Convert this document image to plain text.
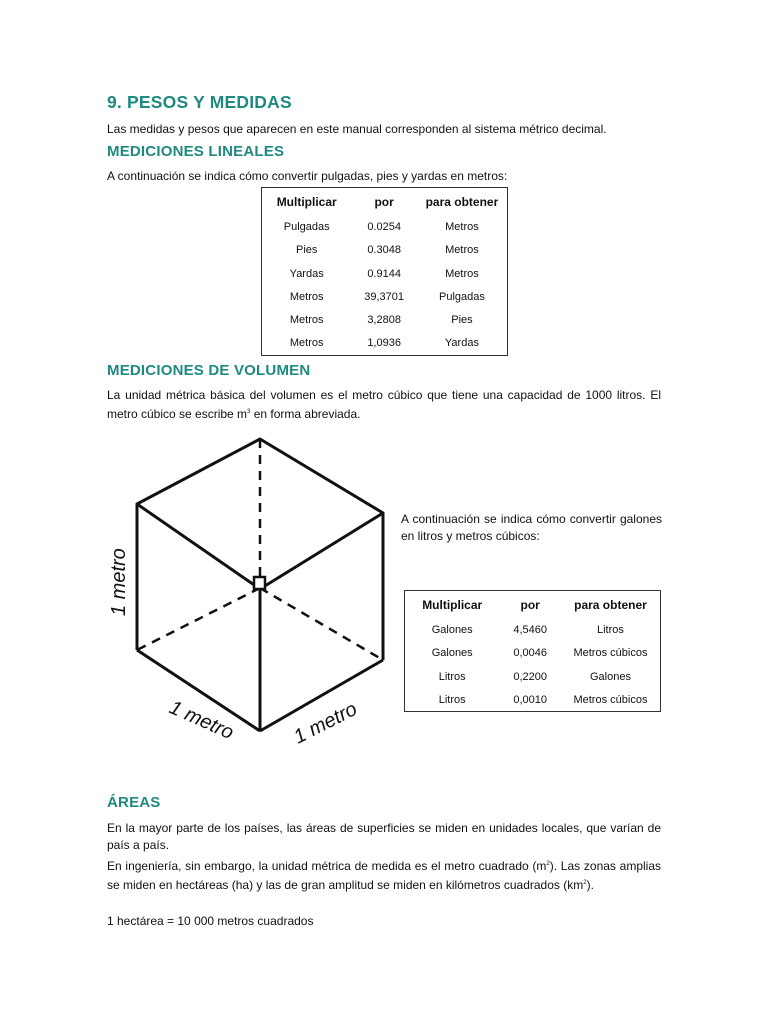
9. PESOS Y MEDIDAS

Las medidas y pesos que aparecen en este manual corresponden al sistema métrico decimal.

MEDICIONES LINEALES

A continuación se indica cómo convertir pulgadas, pies y yardas en metros:

Multiplicar	por	para obtener
Pulgadas	0.0254	Metros
Pies	0.3048	Metros
Yardas	0.9144	Metros
Metros	39,3701	Pulgadas
Metros	3,2808	Pies
Metros	1,0936	Yardas
MEDICIONES DE VOLUMEN

La unidad métrica básica del volumen es el metro cúbico que tiene una capacidad de 1000 litros. El metro cúbico se escribe $m^3$ en forma abreviada.

1 metro
1 metro	1 metro

A continuación se indica cómo convertir galones en litros y metros cúbicos:

Multiplicar	por	para obtener
Galones	4,5460	Litros
Galones	0,0046	Metros cúbicos
Litros	0,2200	Galones
Litros	0,0010	Metros cúbicos
ÁREAS

En la mayor parte de los países, las áreas de superficies se miden en unidades locales, que varían de país a país.

En ingeniería, sin embargo, la unidad métrica de medida es el metro cuadrado $(m^2)$. Las zonas amplias se miden en hectáreas (ha) y las de gran amplitud se miden en kilómetros cuadrados $(km^2)$.

1 hectárea = 10 000 metros cuadrados
